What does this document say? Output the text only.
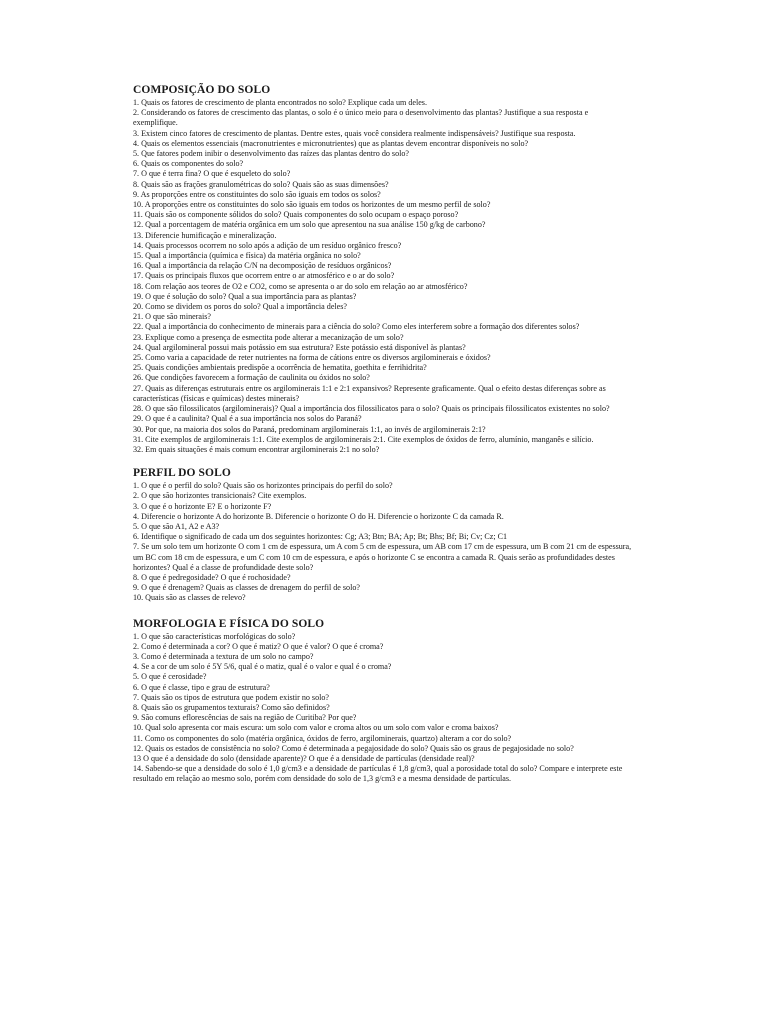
COMPOSIÇÃO DO SOLO
1. Quais os fatores de crescimento de planta encontrados no solo? Explique cada um deles.
2. Considerando os fatores de crescimento das plantas, o solo é o único meio para o desenvolvimento das plantas? Justifique a sua resposta e exemplifique.
3. Existem cinco fatores de crescimento de plantas. Dentre estes, quais você considera realmente indispensáveis? Justifique sua resposta.
4. Quais os elementos essenciais (macronutrientes e micronutrientes) que as plantas devem encontrar disponíveis no solo?
5. Que fatores podem inibir o desenvolvimento das raízes das plantas dentro do solo?
6. Quais os componentes do solo?
7. O que é terra fina? O que é esqueleto do solo?
8. Quais são as frações granulométricas do solo? Quais são as suas dimensões?
9. As proporções entre os constituintes do solo são iguais em todos os solos?
10. A proporções entre os constituintes do solo são iguais em todos os horizontes de um mesmo perfil de solo?
11. Quais são os componente sólidos do solo? Quais componentes do solo ocupam o espaço poroso?
12. Qual a porcentagem de matéria orgânica em um solo que apresentou na sua análise 150 g/kg de carbono?
13. Diferencie humificação e mineralização.
14. Quais processos ocorrem no solo após a adição de um resíduo orgânico fresco?
15. Qual a importância (química e física) da matéria orgânica no solo?
16. Qual a importância da relação C/N na decomposição de resíduos orgânicos?
17. Quais os principais fluxos que ocorrem entre o ar atmosférico e o ar do solo?
18. Com relação aos teores de O2 e CO2, como se apresenta o ar do solo em relação ao ar atmosférico?
19. O que é solução do solo? Qual a sua importância para as plantas?
20. Como se dividem os poros do solo? Qual a importância deles?
21. O que são minerais?
22. Qual a importância do conhecimento de minerais para a ciência do solo? Como eles interferem sobre a formação dos diferentes solos?
23. Explique como a presença de esmectita pode alterar a mecanização de um solo?
24. Qual argilomineral possui mais potássio em sua estrutura? Este potássio está disponível às plantas?
25. Como varia a capacidade de reter nutrientes na forma de cátions entre os diversos argilominerais e óxidos?
25. Quais condições ambientais predispõe a ocorrência de hematita, goethita e ferrihidrita?
26. Que condições favorecem a formação de caulinita ou óxidos no solo?
27. Quais as diferenças estruturais entre os argilominerais 1:1 e 2:1 expansivos? Represente graficamente. Qual o efeito destas diferenças sobre as características (físicas e químicas) destes minerais?
28. O que são filossilicatos (argilominerais)? Qual a importância dos filossilicatos para o solo? Quais os principais filossilicatos existentes no solo?
29. O que é a caulinita? Qual é a sua importância nos solos do Paraná?
30. Por que, na maioria dos solos do Paraná, predominam argilominerais 1:1, ao invés de argilominerais 2:1?
31. Cite exemplos de argilominerais 1:1. Cite exemplos de argilominerais 2:1. Cite exemplos de óxidos de ferro, alumínio, manganês e silício.
32. Em quais situações é mais comum encontrar argilominerais 2:1 no solo?
PERFIL DO SOLO
1. O que é o perfil do solo? Quais são os horizontes principais do perfil do solo?
2. O que são horizontes transicionais? Cite exemplos.
3. O que é o horizonte E? E o horizonte F?
4. Diferencie o horizonte A do horizonte B. Diferencie o horizonte O do H. Diferencie o horizonte C da camada R.
5. O que são A1, A2 e A3?
6. Identifique o significado de cada um dos seguintes horizontes: Cg; A3; Btn; BA; Ap; Bt; Bhs; Bf; Bi; Cv; Cz; C1
7. Se um solo tem um horizonte O com 1 cm de espessura, um A com 5 cm de espessura, um AB com 17 cm de espessura, um B com 21 cm de espessura, um BC com 18 cm de espessura, e um C com 10 cm de espessura, e após o horizonte C se encontra a camada R. Quais serão as profundidades destes horizontes? Qual é a classe de profundidade deste solo?
8. O que é pedregosidade? O que é rochosidade?
9. O que é drenagem? Quais as classes de drenagem do perfil de solo?
10. Quais são as classes de relevo?
MORFOLOGIA E FÍSICA DO SOLO
1. O que são características morfológicas do solo?
2. Como é determinada a cor? O que é matiz? O que é valor? O que é croma?
3. Como é determinada a textura de um solo no campo?
4. Se a cor de um solo é 5Y 5/6, qual é o matiz, qual é o valor e qual é o croma?
5. O que é cerosidade?
6. O que é classe, tipo e grau de estrutura?
7. Quais são os tipos de estrutura que podem existir no solo?
8. Quais são os grupamentos texturais? Como são definidos?
9. São comuns eflorescências de sais na região de Curitiba? Por que?
10. Qual solo apresenta cor mais escura: um solo com valor e croma altos ou um solo com valor e croma baixos?
11. Como os componentes do solo (matéria orgânica, óxidos de ferro, argilominerais, quartzo) alteram a cor do solo?
12. Quais os estados de consistência no solo? Como é determinada a pegajosidade do solo? Quais são os graus de pegajosidade no solo?
13 O que é a densidade do solo (densidade aparente)? O que é a densidade de partículas (densidade real)?
14. Sabendo-se que a densidade do solo é 1,0 g/cm3 e a densidade de partículas é 1,8 g/cm3, qual a porosidade total do solo? Compare e interprete este resultado em relação ao mesmo solo, porém com densidade do solo de 1,3 g/cm3 e a mesma densidade de partículas.
